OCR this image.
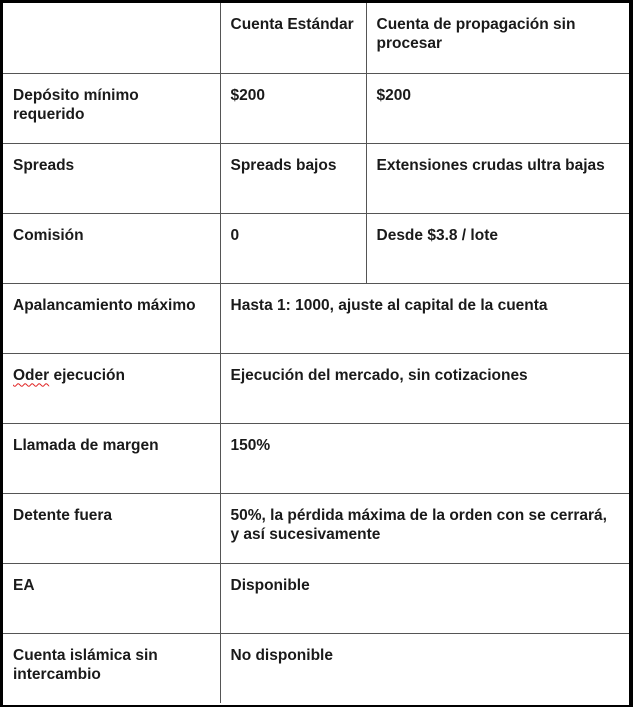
	Cuenta Estándar	Cuenta de propagación sin procesar
Depósito mínimo requerido	$200	$200
Spreads	Spreads bajos	Extensiones crudas ultra bajas
Comisión	0	Desde $3.8 / lote
Apalancamiento máximo	Hasta 1: 1000, ajuste al capital de la cuenta	
Oder ejecución	Ejecución del mercado, sin cotizaciones	
Llamada de margen	150%	
Detente fuera	50%, la pérdida máxima de la orden con se cerrará, y así sucesivamente	
EA	Disponible	
Cuenta islámica sin intercambio	No disponible	
